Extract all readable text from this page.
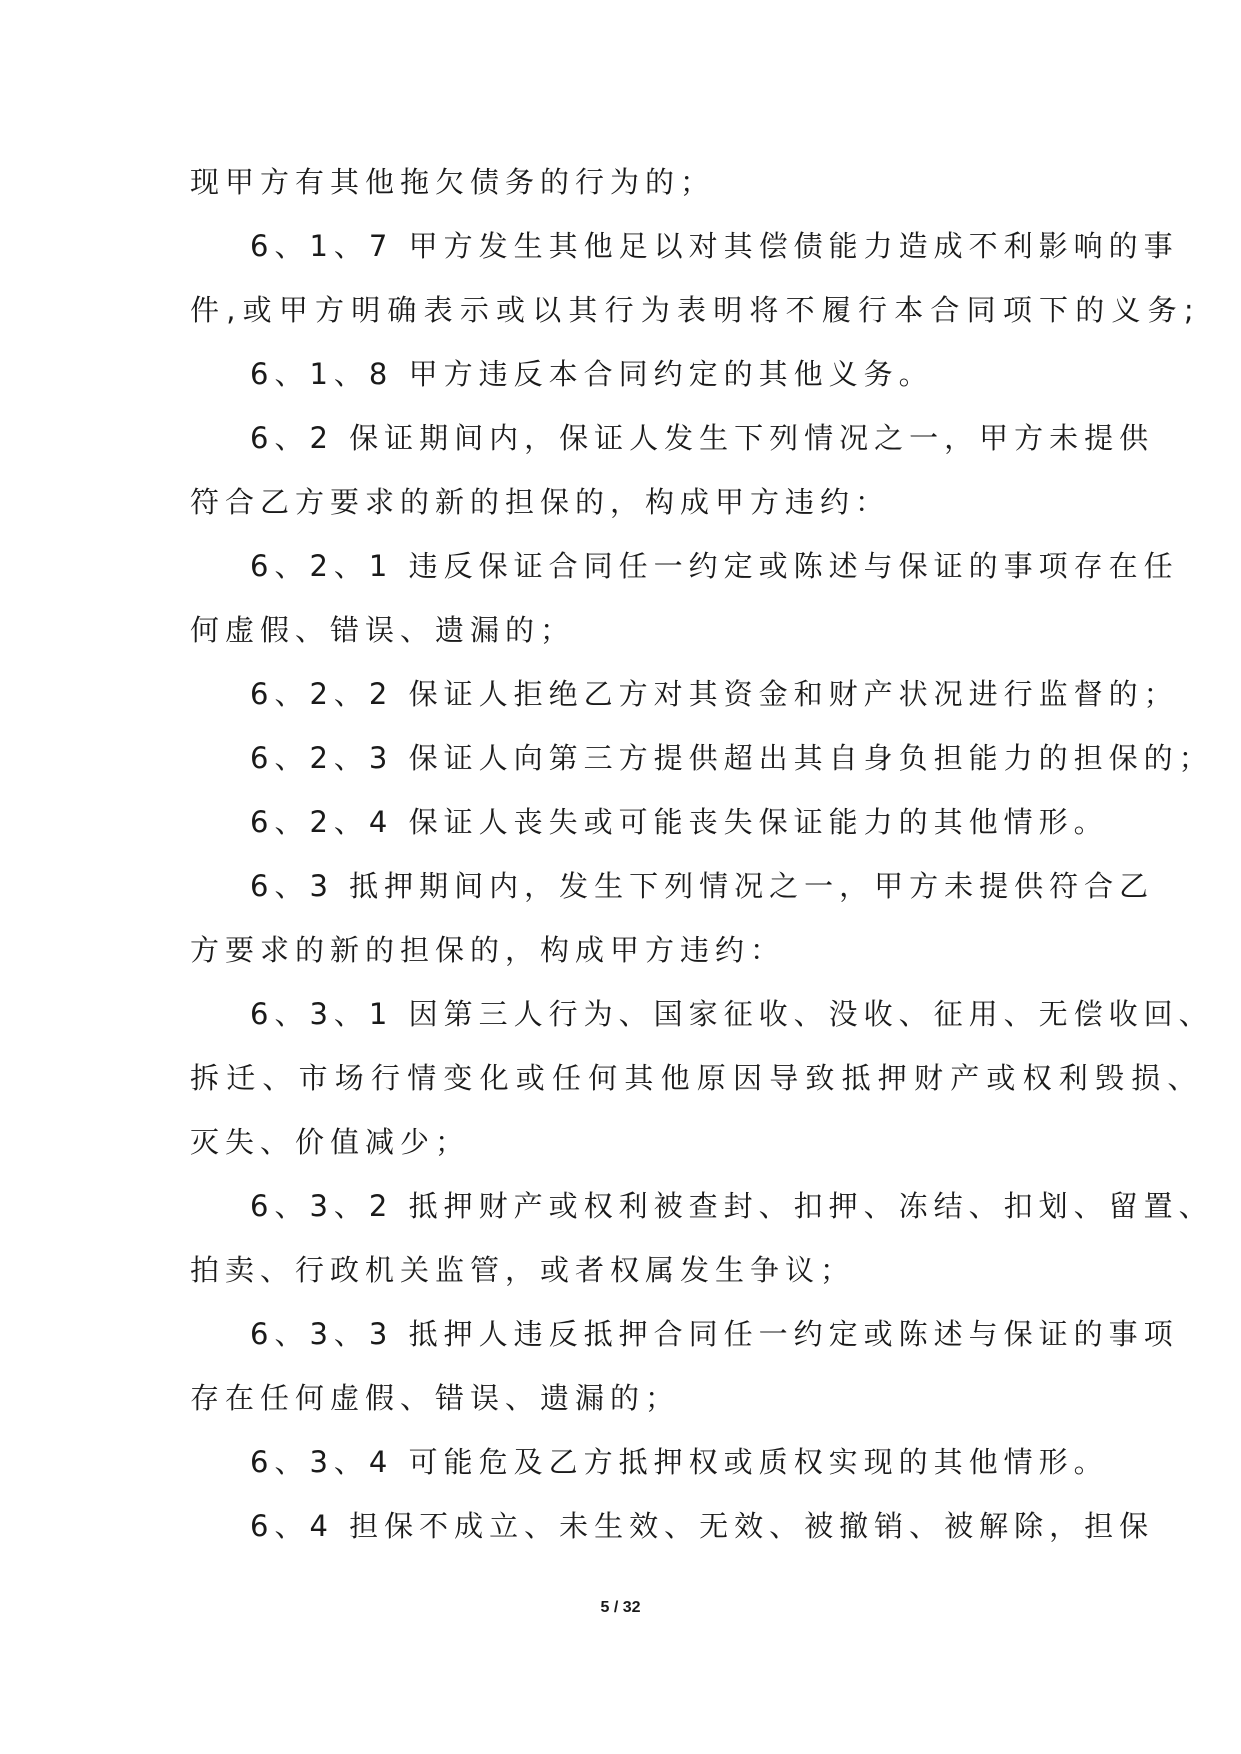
现甲方有其他拖欠债务的行为的；
6、1、7 甲方发生其他足以对其偿债能力造成不利影响的事
件,或甲方明确表示或以其行为表明将不履行本合同项下的义务;
6、1、8 甲方违反本合同约定的其他义务。
6、2 保证期间内，保证人发生下列情况之一，甲方未提供
符合乙方要求的新的担保的，构成甲方违约：
6、2、1 违反保证合同任一约定或陈述与保证的事项存在任
何虚假、错误、遗漏的；
6、2、2 保证人拒绝乙方对其资金和财产状况进行监督的；
6、2、3 保证人向第三方提供超出其自身负担能力的担保的；
6、2、4 保证人丧失或可能丧失保证能力的其他情形。
6、3 抵押期间内，发生下列情况之一，甲方未提供符合乙
方要求的新的担保的，构成甲方违约：
6、3、1 因第三人行为、国家征收、没收、征用、无偿收回、
拆迁、市场行情变化或任何其他原因导致抵押财产或权利毁损、
灭失、价值减少；
6、3、2 抵押财产或权利被查封、扣押、冻结、扣划、留置、
拍卖、行政机关监管，或者权属发生争议；
6、3、3 抵押人违反抵押合同任一约定或陈述与保证的事项
存在任何虚假、错误、遗漏的；
6、3、4 可能危及乙方抵押权或质权实现的其他情形。
6、4 担保不成立、未生效、无效、被撤销、被解除，担保
5 / 32
